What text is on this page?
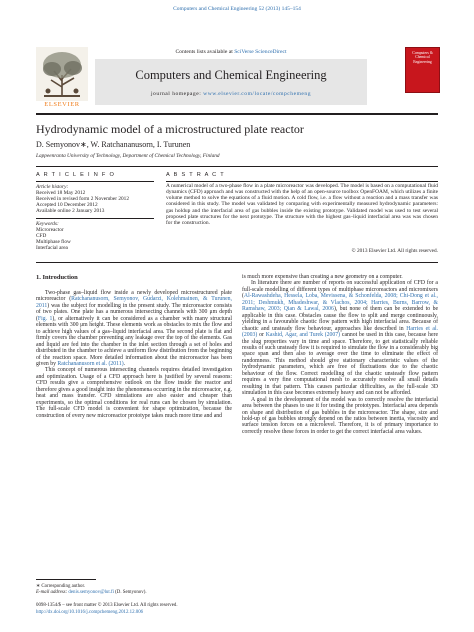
Computers and Chemical Engineering 52 (2013) 145–154
ELSEVIER
Contents lists available at SciVerse ScienceDirect
Computers and Chemical Engineering
journal homepage: www.elsevier.com/locate/compchemeng
Computers & Chemical Engineering
Hydrodynamic model of a microstructured plate reactor
D. Semyonov∗, W. Ratchananusorn, I. Turunen
Lappeenranta University of Technology, Department of Chemical Technology, Finland
A R T I C L E I N F O
Article history:
Received 18 May 2012
Received in revised form 2 November 2012
Accepted 10 December 2012
Available online 2 January 2013
Keywords:
Microreactor
CFD
Multiphase flow
Interfacial area
A B S T R A C T
A numerical model of a two-phase flow in a plate microreactor was developed. The model is based on a computational fluid dynamics (CFD) approach and was constructed with the help of an open-source toolbox OpenFOAM, which utilizes a finite volume method to solve the equations of a fluid motion. A cold flow, i.e. a flow without a reaction and a mass transfer was considered in this study. The model was validated by comparing with experimentally measured hydrodynamic parameters: gas holdup and the interfacial area of gas bubbles inside the existing prototype. Validated model was used to test several proposed plate structures for the next prototype. The structure with the highest gas–liquid interfacial area was was chosen for the construction.
© 2013 Elsevier Ltd. All rights reserved.
1. Introduction

Two-phase gas–liquid flow inside a newly developed microstructured plate microreactor (Ratchananusorn, Semyonov, Gudarzi, Kolehmainen, & Turunen, 2011) was the subject for modelling in the present study. The microreactor consists of two plates. One plate has a numerous intersecting channels with 300 μm depth (Fig. 1), or alternatively it can be considered as a chamber with many structural elements with 300 μm height. These elements work as obstacles to mix the flow and to achieve high values of a gas–liquid interfacial area. The second plate is flat and firmly covers the chamber preventing any leakage over the top of the elements. Gas and liquid are fed into the chamber in the inlet section through a set of holes and distributed in the chamber to achieve a uniform flow distribution from the beginning of the reaction space. More detailed information about the microreactor has been given by Ratchananusorn et al. (2011).

This concept of numerous intersecting channels requires detailed investigation and optimization. Usage of a CFD approach here is justified by several reasons: CFD results give a comprehensive outlook on the flow inside the reactor and therefore gives a good insight into the phenomena occurring in the microreactor, e.g. heat and mass transfer. CFD simulations are also easier and cheaper than experiments, so the optimal conditions for real runs can be chosen by simulation. The full-scale CFD model is convenient for shape optimization, because the construction of every new microreactor prototype takes much more time and and

is much more expensive than creating a new geometry on a computer.

In literature there are number of reports on successful application of CFD for a full-scale modelling of different types of multiphase microreactors and micromixers (Al-Rawashdeha, Hessela, Loba, Mevissena, & Schonfelda, 2008; Chi-Dong et al., 2011; Deshmukh, Mhadeshwar, & Vlachos, 2004; Harries, Burns, Barrow, & Ramshaw, 2003; Qian & Lawal, 2006), but none of them can be extended to be applicable in this case. Obstacles cause the flow to split and merge continuously, yielding in a favourable chaotic flow pattern with high interfacial area. Because of chaotic and unsteady flow behaviour, approaches like described in Harries et al. (2003) or Kashid, Agar, and Turek (2007) cannot be used in this case, because here the slug properties vary in time and space. Therefore, to get statistically reliable results of such unsteady flow it is required to simulate the flow in a considerably big space span and then also to average over the time to eliminate the effect of randomness. This method should give stationary characteristic values of the hydrodynamic parameters, which are free of fluctuations due to the chaotic behaviour of the flow. Correct modelling of the chaotic unsteady flow pattern requires a very fine computational mesh to accurately resolve all small details resulting in that pattern. This causes particular difficulties, as the full-scale 3D simulation in this case becomes extremely heavy and can not be afforded.

A goal in the development of the model was to correctly resolve the interfacial area between the phases to use it for testing the prototypes. Interfacial area depends on shape and distribution of gas bubbles in the microreactor. The shape, size and hold-up of gas bubbles strongly depend on the ratios between inertia, viscosity and surface tension forces on a microlevel. Therefore, it is of primary importance to correctly resolve these forces in order to get the correct interfacial area values.

∗ Corresponding author.
E-mail address: denis.semyonov@lut.fi (D. Semyonov).
0098-1354/$ – see front matter © 2013 Elsevier Ltd. All rights reserved.
http://dx.doi.org/10.1016/j.compchemeng.2012.12.006
